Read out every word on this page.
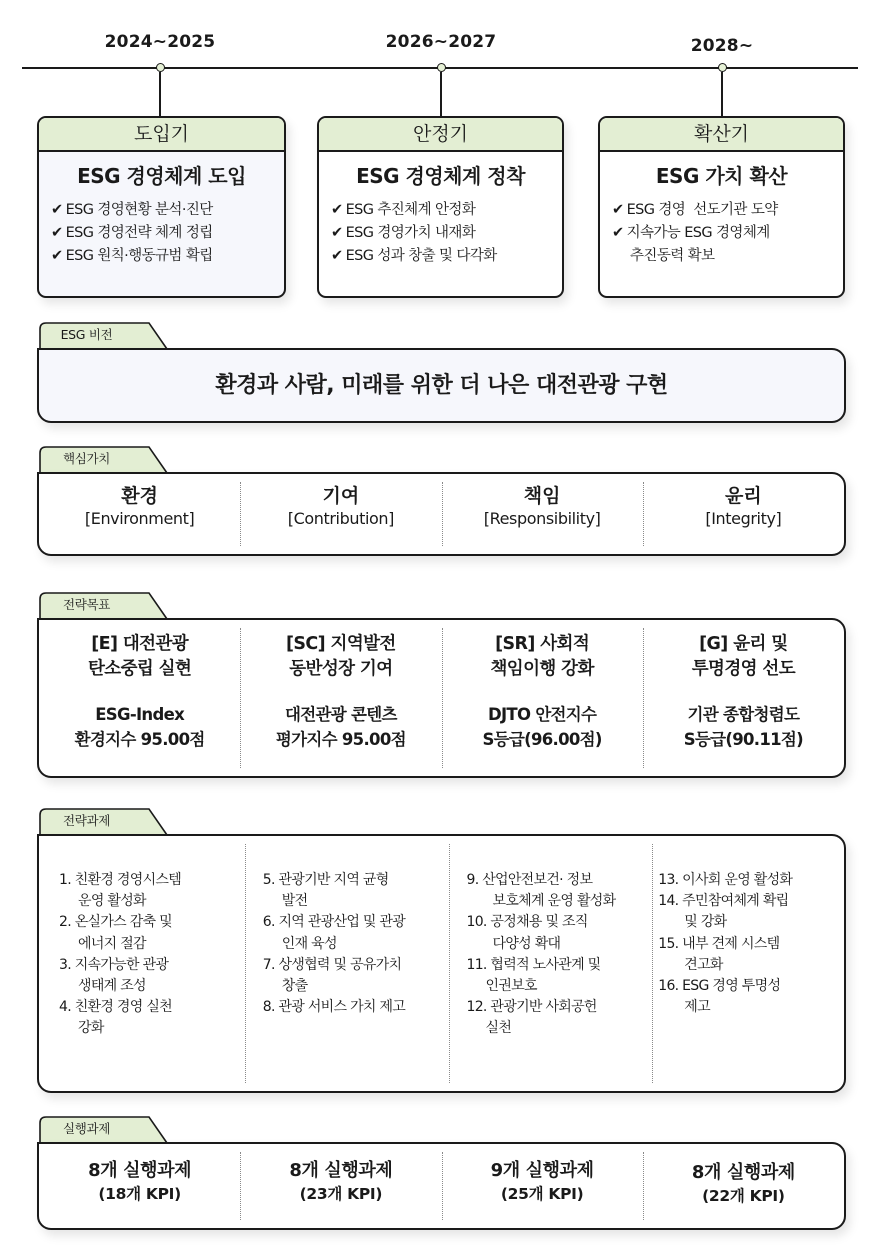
2024~2025	2026~2027	2028~
도입기
ESG 경영체계 도입
✔ ESG 경영현황 분석·진단
✔ ESG 경영전략 체계 정립
✔ ESG 원칙·행동규범 확립
안정기
ESG 경영체계 정착
✔ ESG 추진체계 안정화
✔ ESG 경영가치 내재화
✔ ESG 성과 창출 및 다각화
확산기
ESG 가치 확산
✔ ESG 경영  선도기관 도약
✔ 지속가능 ESG 경영체계
추진동력 확보
ESG 비전
환경과 사람, 미래를 위한 더 나은 대전관광 구현
핵심가치
환경
[Environment]
기여
[Contribution]
책임
[Responsibility]
윤리
[Integrity]
전략목표
[E] 대전관광
탄소중립 실현
ESG-Index
환경지수 95.00점
[SC] 지역발전
동반성장 기여
대전관광 콘텐츠
평가지수 95.00점
[SR] 사회적
책임이행 강화
DJTO 안전지수
S등급(96.00점)
[G] 윤리 및
투명경영 선도
기관 종합청렴도
S등급(90.11점)
전략과제
1. 친환경 경영시스템
운영 활성화
2. 온실가스 감축 및
에너지 절감
3. 지속가능한 관광
생태계 조성
4. 친환경 경영 실천
강화
5. 관광기반 지역 균형
발전
6. 지역 관광산업 및 관광
인재 육성
7. 상생협력 및 공유가치
창출
8. 관광 서비스 가치 제고
9. 산업안전보건· 정보
보호체계 운영 활성화
10. 공정채용 및 조직
다양성 확대
11. 협력적 노사관계 및
인권보호
12. 관광기반 사회공헌
실천
13. 이사회 운영 활성화
14. 주민참여체계 확립
및 강화
15. 내부 견제 시스템
견고화
16. ESG 경영 투명성
제고
실행과제
8개 실행과제
(18개 KPI)
8개 실행과제
(23개 KPI)
9개 실행과제
(25개 KPI)
8개 실행과제
(22개 KPI)
